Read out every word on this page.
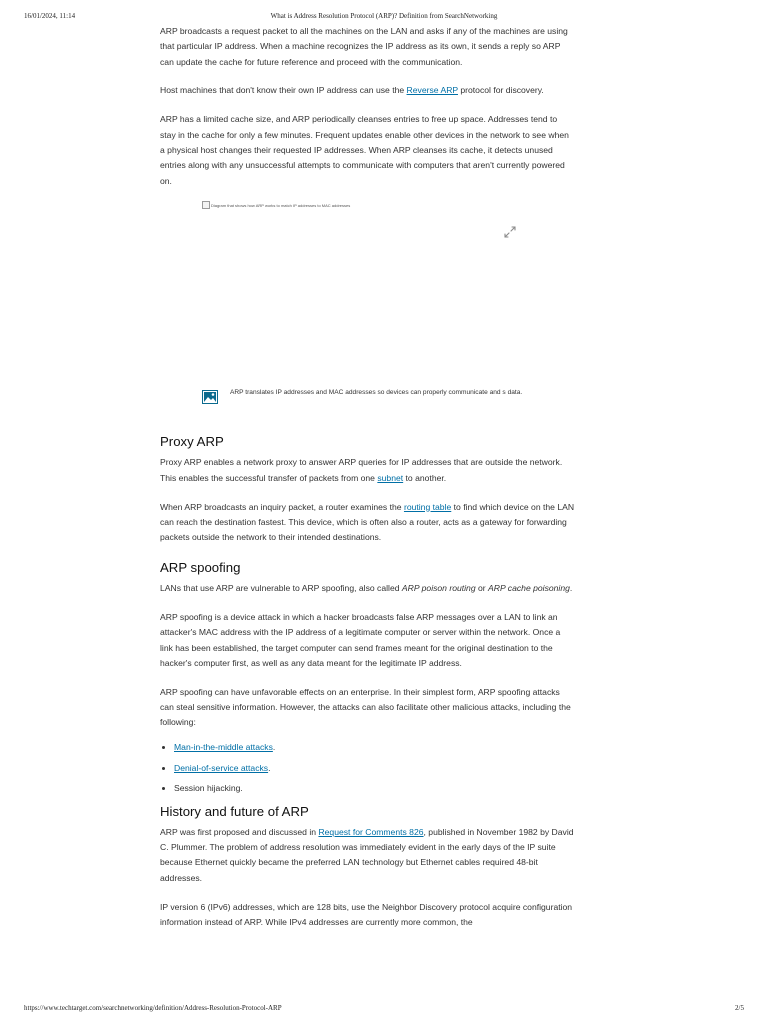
16/01/2024, 11:14	What is Address Resolution Protocol (ARP)? Definition from SearchNetworking

ARP broadcasts a request packet to all the machines on the LAN and asks if any of the machines are using that particular IP address. When a machine recognizes the IP address as its own, it sends a reply so ARP can update the cache for future reference and proceed with the communication.

Host machines that don't know their own IP address can use the Reverse ARP protocol for discovery.

ARP has a limited cache size, and ARP periodically cleanses entries to free up space. Addresses tend to stay in the cache for only a few minutes. Frequent updates enable other devices in the network to see when a physical host changes their requested IP addresses. When ARP cleanses its cache, it detects unused entries along with any unsuccessful attempts to communicate with computers that aren't currently powered on.

Diagram that shows how ARP works to match IP addresses to MAC addresses
ARP translates IP addresses and MAC addresses so devices can properly communicate and s data.
Proxy ARP

Proxy ARP enables a network proxy to answer ARP queries for IP addresses that are outside the network. This enables the successful transfer of packets from one subnet to another.

When ARP broadcasts an inquiry packet, a router examines the routing table to find which device on the LAN can reach the destination fastest. This device, which is often also a router, acts as a gateway for forwarding packets outside the network to their intended destinations.

ARP spoofing

LANs that use ARP are vulnerable to ARP spoofing, also called ARP poison routing or ARP cache poisoning.

ARP spoofing is a device attack in which a hacker broadcasts false ARP messages over a LAN to link an attacker's MAC address with the IP address of a legitimate computer or server within the network. Once a link has been established, the target computer can send frames meant for the original destination to the hacker's computer first, as well as any data meant for the legitimate IP address.

ARP spoofing can have unfavorable effects on an enterprise. In their simplest form, ARP spoofing attacks can steal sensitive information. However, the attacks can also facilitate other malicious attacks, including the following:

• Man-in-the-middle attacks.
• Denial-of-service attacks.
• Session hijacking.
History and future of ARP

ARP was first proposed and discussed in Request for Comments 826, published in November 1982 by David C. Plummer. The problem of address resolution was immediately evident in the early days of the IP suite because Ethernet quickly became the preferred LAN technology but Ethernet cables required 48-bit addresses.

IP version 6 (IPv6) addresses, which are 128 bits, use the Neighbor Discovery protocol acquire configuration information instead of ARP. While IPv4 addresses are currently more common, the

https://www.techtarget.com/searchnetworking/definition/Address-Resolution-Protocol-ARP	2/5
